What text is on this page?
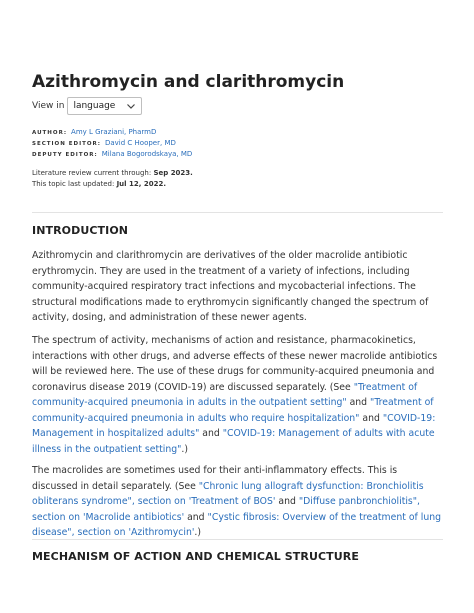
Azithromycin and clarithromycin
View in language
AUTHOR: Amy L Graziani, PharmD
SECTION EDITOR: David C Hooper, MD
DEPUTY EDITOR: Milana Bogorodskaya, MD
Literature review current through: Sep 2023.
This topic last updated: Jul 12, 2022.
INTRODUCTION
Azithromycin and clarithromycin are derivatives of the older macrolide antibiotic erythromycin. They are used in the treatment of a variety of infections, including community-acquired respiratory tract infections and mycobacterial infections. The structural modifications made to erythromycin significantly changed the spectrum of activity, dosing, and administration of these newer agents.
The spectrum of activity, mechanisms of action and resistance, pharmacokinetics, interactions with other drugs, and adverse effects of these newer macrolide antibiotics will be reviewed here. The use of these drugs for community-acquired pneumonia and coronavirus disease 2019 (COVID-19) are discussed separately. (See "Treatment of community-acquired pneumonia in adults in the outpatient setting" and "Treatment of community-acquired pneumonia in adults who require hospitalization" and "COVID-19: Management in hospitalized adults" and "COVID-19: Management of adults with acute illness in the outpatient setting".)
The macrolides are sometimes used for their anti-inflammatory effects. This is discussed in detail separately. (See "Chronic lung allograft dysfunction: Bronchiolitis obliterans syndrome", section on 'Treatment of BOS' and "Diffuse panbronchiolitis", section on 'Macrolide antibiotics' and "Cystic fibrosis: Overview of the treatment of lung disease", section on 'Azithromycin'.)
MECHANISM OF ACTION AND CHEMICAL STRUCTURE
